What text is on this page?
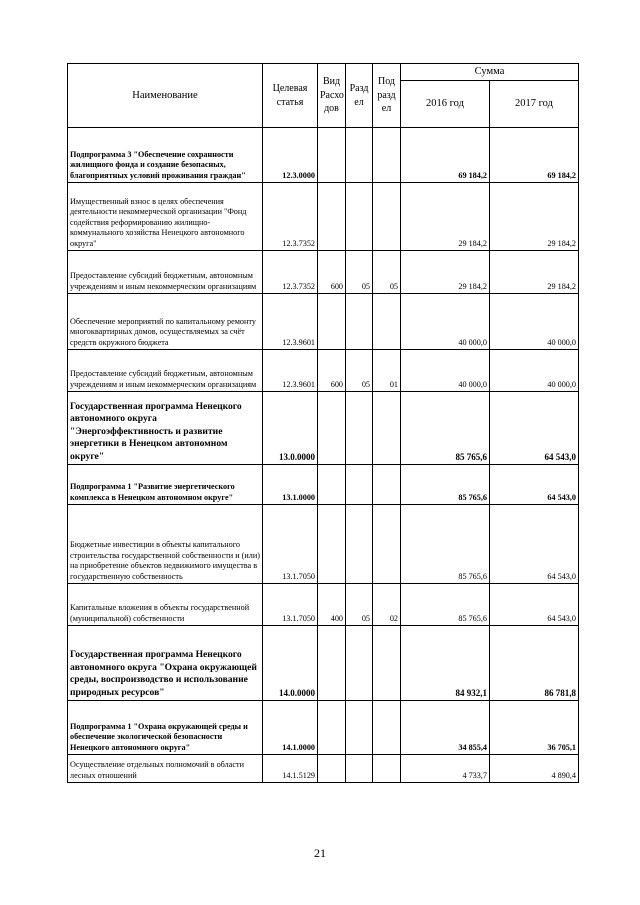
Наименование	Целевая статья	Вид Расхо дов	Разд ел	Под разд ел	Сумма	
					2016 год	2017 год
Подпрограмма 3 "Обеспечение сохранности жилищного фонда и создание безопасных, благоприятных условий проживания граждан"	12.3.0000				69 184,2	69 184,2
Имущественный взнос в целях обеспечения деятельности некоммерческой организации "Фонд содействия реформированию жилищно-коммунального хозяйства Ненецкого автономного округа"	12.3.7352				29 184,2	29 184,2
Предоставление субсидий бюджетным, автономным учреждениям и иным некоммерческим организациям	12.3.7352	600	05	05	29 184,2	29 184,2
Обеспечение мероприятий по капитальному ремонту многоквартирных домов, осуществляемых за счёт средств окружного бюджета	12.3.9601				40 000,0	40 000,0
Предоставление субсидий бюджетным, автономным учреждениям и иным некоммерческим организациям	12.3.9601	600	05	01	40 000,0	40 000,0
Государственная программа Ненецкого автономного округа "Энергоэффективность и развитие энергетики в Ненецком автономном округе"	13.0.0000				85 765,6	64 543,0
Подпрограмма 1 "Развитие энергетического комплекса в Ненецком автономном округе"	13.1.0000				85 765,6	64 543,0
Бюджетные инвестиции в объекты капитального строительства государственной собственности и (или) на приобретение объектов недвижимого имущества в государственную собственность	13.1.7050				85 765,6	64 543,0
Капитальные вложения в объекты государственной (муниципальной) собственности	13.1.7050	400	05	02	85 765,6	64 543,0
Государственная программа Ненецкого автономного округа "Охрана окружающей среды, воспроизводство и использование природных ресурсов"	14.0.0000				84 932,1	86 781,8
Подпрограмма 1 "Охрана окружающей среды и обеспечение экологической безопасности Ненецкого автономного округа"	14.1.0000				34 855,4	36 705,1
Осуществление отдельных полномочий в области лесных отношений	14.1.5129				4 733,7	4 890,4
21
